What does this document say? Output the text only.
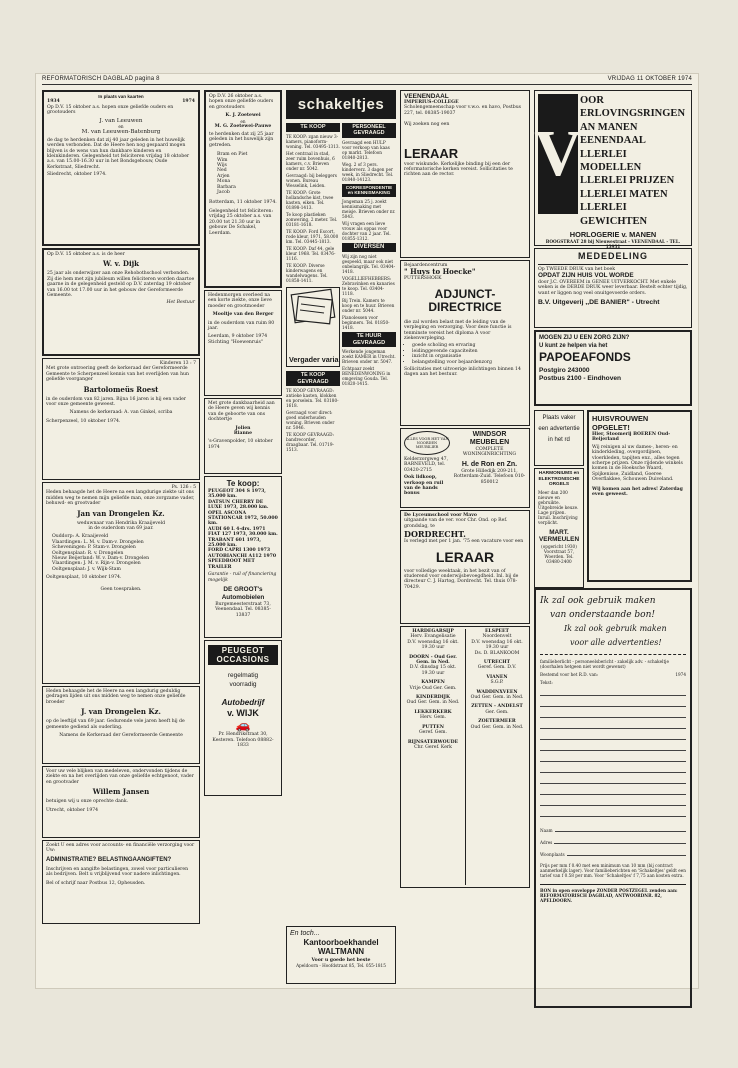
REFORMATORISCH DAGBLAD pagina 8	VRIJDAG 11 OKTOBER 1974
In plaats van kaarten
1934	1974
Op D.V. 15 oktober a.s. hopen onze geliefde ouders en grootouders
J. van Leeuwen
en
M. van Leeuwen-Batenburg
de dag te herdenken dat zij 40 jaar geleden in het huwelijk werden verbonden. Dat de Heere hen nog gespaard mogen blijven is de wens van hun dankbare kinderen en kleinkinderen. Gelegenheid tot feliciteren vrijdag 18 oktober a.s. van 15.00-16.30 uur in het Bondsgebouw, Oude Kerkstraat, Sliedrecht.
Sliedrecht, oktober 1974.
Op D.V. 15 oktober a.s. is de heer
W. v. Dijk
25 jaar als onderwijzer aan onze Rehobothschool verbonden. Zij die hem met zijn jubileum willen feliciteren worden daartoe gaarne in de gelegenheid gesteld op D.V. zaterdag 19 oktober van 16.00 tot 17.00 uur in het gebouw der Gereformeerde Gemeente.
Het Bestuur
Kinderen 13 : 7
Met grote ontroering geeft de kerkeraad der Gereformeerde Gemeente te Scherpenzeel kennis van het overlijden van hun geliefde voorganger
Bartolomeüs Roest
in de ouderdom van 82 jaren. Bijna 16 jaren is hij een vader voor onze gemeente geweest.
Namens de kerkeraad: A. van Ginkel, scriba
Scherpenzeel, 10 oktober 1974.
Ps. 126 : 5
Heden behaagde het de Heere na een langdurige ziekte uit ons midden weg te nemen mijn geliefde man, onze zorgzame vader, behuwd- en grootvader
Jan van Drongelen Kz.
weduwnaar van Hendrika Kraaijeveld
in de ouderdom van 69 jaar.
Ouddorp: A. Kraaijeveld
Vlaardingen: L. M. v. Dam-v. Drongelen
Scheveningen: P. Stam-v. Drongelen
Ooltgensplaat: R. v. Drongelen
Nieuw Beijerland: W. v. Dam-v. Drongelen
Vlaardingen: J. M. v. Rijn-v. Drongelen
Ooltgensplaat: J. v. Wijk-Stam
Ooltgensplaat, 10 oktober 1974.
Geen toespraken.
Heden behaagde het de Heere na een langdurig geduldig gedragen lijden uit ons midden weg te nemen onze geliefde broeder
J. van Drongelen Kz.
op de leeftijd van 69 jaar. Gedurende vele jaren heeft hij de gemeente gediend als ouderling.
Namens de Kerkeraad der Gereformeerde Gemeente
Voor uw vele blijken van medeleven, ondervonden tijdens de ziekte en na het overlijden van onze geliefde echtgenoot, vader en grootvader
Willem Jansen
betuigen wij u onze oprechte dank.
Utrecht, oktober 1974
Zoekt U een adres voor accounts- en financiële verzorging voor Uw:
ADMINISTRATIE? BELASTINGAANGIFTEN?
Inschrijven en aangifte belastingen, zowel voor particulieren als bedrijven. Belt u vrijblijvend voor nadere inlichtingen.
Bel of schrijf naar Postbus 12, Opheusden.
Op D.V. 26 oktober a.s. hopen onze geliefde ouders en grootouders
K. J. Zoetewei
en
M. G. Zoetewei-Pauwe
te herdenken dat zij 25 jaar geleden in het huwelijk zijn getreden.
Bram en Piet
Wim
Wijs
Ned
Arjen
Mona
Barbara
Jacob
Rotterdam, 11 oktober 1974.
Gelegenheid tot feliciteren: vrijdag 25 oktober a.s. van 20.00 tot 21.30 uur in gebouw De Schakel, Leerdam.
Hedenmorgen overleed na een korte ziekte, onze lieve moeder en grootmoeder
Mooltje van den Berger
in de ouderdom van ruim 80 jaar.
Leerdam, 9 oktober 1974
Stichting "Hoewenruis"
Met grote dankbaarheid aan de Heere geven wij kennis van de geboorte van ons dochtertje
Jolien
Rianne
's-Gravenpolder, 10 oktober 1974
Te koop:
PEUGEOT 304 S 1973, 35.000 km.
DATSUN CHERRY DE LUXE 1973, 28.000 km.
OPEL ASCONA STATIONCAR 1972, 50.000 km.
AUDI 60 L 4-drs. 1971
FIAT 127 1973, 30.000 km.
TRABANT 601 1973, 25.000 km.
FORD CAPRI 1300 1973
AUTOBIANCHI A112 1970
SPEEDBOOT MET TRAILER
Garantie - ruil of financiering mogelijk
DE GROOT's Automobielen
Burgemeesterstraat 73, Veenendaal. Tel. 08385-13837
PEUGEOT OCCASIONS
regelmatig
voorradig
Autobedrijf
v. WIJK
🚗
Pr. Hendrikstraat 30, Kesteren. Telefoon 08882-1833
schakeltjes
TE KOOP

TE KOOP: zgan nieuw 3-kamers, pianoform-woning. Tel. 03495-1313.

Het centraal in stad, zeer ruim bovenhuis, 6 kamers, c.v. Brieven onder nr. 5042.

Gevraagd: bij beleggers wonen. Bureau Wesselink, Leiden.

TE KOOP: Grote hollandsche kist, twee kasten, eiken. Tel. 01898-1413.

Te koop plastieken zonwering, 2 meter. Tel. 03181-1618.

TE KOOP: Ford Escort, rode kleur, 1971, 58.000 km. Tel. 03445-1813.

TE KOOP: Daf 44, gele kleur 1968. Tel. 03476-1116.

TE KOOP: Diverse kinderwagens en wandelwagens. Tel. 01858-1411.

Vergader varia
TE KOOP GEVRAAGD

TE KOOP GEVRAAGD: antieke kasten, klokken en porselein. Tel. 03180-1618.

Gevraagd voor direct: goed onderhouden woning. Brieven onder nr. 5046.

TE KOOP GEVRAAGD: bandrecorder, draagbaar. Tel. 01719-1513.

PERSONEEL GEVRAAGD

Gevraagd een HULP voor verkoop van kaas op markt. Telefoon 01840-2813.

Weg. 2 of 3 pers. kinderverz. 3 dagen per week, in Sliedrecht. Tel. 01840-14123.

CORRESPONDENTIE en KENNISMAKING

Jongeman 25 j. zoekt kennismaking met meisje. Brieven onder nr. 5043.

Wij vragen een lieve vrouw als oppas voor dochter van 2 jaar. Tel. 01855-1312.

DIVERSEN

Wij zijn nog niet gespeeld, maar ook niet onbelangrijk. Tel. 03404-1418.

VOGELLIEFHEBBERS: Zebravinken en kanaries te koop. Tel. 03404-1118.

Bij Trein. Kamers te koop en te huur. Brieven onder nr. 5044.

Pianolessen voor beginners. Tel. 01850-1418.

TE HUUR GEVRAAGD

Werkende jongeman zoekt KAMER in Utrecht. Brieven onder nr. 5047.

Echtpaar zoekt BENEDENWONING in omgeving Gouda. Tel. 01820-1415.

En toch...
Kantoorboekhandel WALTMANN
Voor u goede het beste
Apeldoorn - Hoofdstraat 85, Tel. 055-1815
VEENENDAAL
IMPERIUS-COLLEGE
Scholengemeenschap voor v.w.o. en havo, Postbus 227, tel. 08385-19037
Wij zoeken nog een
LERAAR
voor wiskunde. Kerkelijke binding bij een der reformatorische kerken vereist. Sollicitaties te richten aan de rector.
Bejaardencentrum
" Huys to Hoecke"
PUTTERSHOEK
ADJUNCT-DIRECTRICE
die zal worden belast met de leiding van de verpleging en verzorging. Voor deze functie is tenminste vereist het diploma A voor ziekenverpleging.
• goede scholing en ervaring
• leidinggevende capaciteiten
• inzicht in organisatie
• belangstelling voor bejaardenzorg
Sollicitaties met uitvoerige inlichtingen binnen 14 dagen aan het bestuur.
ALLES VOOR HET VAN NOORDEN MEUBILIER
Kelderzorgweg 47, BARNEVELD, tel. 03420-2715
Ook lidkoop, verkoop en ruil van de hands bonus
WINDSOR MEUBELEN
COMPLETE WONINGINRICHTING
H. de Ron en Zn.
Grote Hilledijk 209-211, Rotterdam-Zuid. Telefoon 010-850012
De Lyceumschool voor Mavo
uitgaande van de ver. voor Chr. Ond. op Ref. grondslag, te
DORDRECHT.
Is verlegd met per 1 jan. '75 een vacature voor een
LERAAR
voor volledige weektaak, in het bezit van of studerend voor onderwijsbevoegdheid. Inl. bij de directeur C. J. Hartog, Dordrecht. Tel. thuis 078-70429.
HARDEGARSIJP
Herv. Evangelisatie
D.V. woensdag 16 okt. 19.30 uur
DOORN - Oud Ger. Gem. in Ned.
D.V. dinsdag 15 okt. 19.30 uur
KAMPEN
Vrije Oud Ger. Gem.
KINDERDIJK
Oud Ger. Gem. in Ned.
LEKKERKERK
Herv. Gem.
PUTTEN
Geref. Gem.
RIJNSATERWOUDE
Chr. Geref. Kerk
ELSPEET
Noordenvelt
D.V. woensdag 16 okt. 19.30 uur
Ds. D. BLANKOOM
UTRECHT
Geref. Gem. D.V.
VIANEN
S.G.P.
WADDINXVEEN
Oud Ger. Gem. in Ned.
ZETTEN - ANDELST
Ger. Gem.
ZOETERMEER
Oud Ger. Gem. in Ned.
V
OOR
ERLOVINGSRINGEN
AN MANEN
EENENDAAL
LLERLEI MODELLEN
LLERLEI PRIJZEN
LLERLEI MATEN
LLERLEI GEWICHTEN
HORLOGERIE v. MANEN
BOOGSTRAAT 28 bij Nieuwestraat - VEENENDAAL - TEL. 13931
MEDEDELING
Op TWEEDE DRUK van het boek
OPDAT ZIJN HUIS VOL WORDE
door J.C. OVEREEM in GENEE UITVERKOCHT. Met enkele weken is de DERDE DRUK weer leverbaar. Bestelt echter tijdig, want er liggen nog veel onuitgevoerde orders.
B.V. Uitgeverij ,,DE BANIER" - Utrecht
MOGEN ZIJ U EEN ZORG ZIJN?
U kunt ze helpen via het
PAPOEAFONDS
Postgiro 243000
Postbus 2100 - Eindhoven
Plaats vaker
een advertentie
in het rd
HARMONIUMS en ELEKTRONISCHE ORGELS
Meer dan 200 nieuwe en gebruikte. Uitgebreide keuze. Lage prijzen. Inruil. Inschrijving verplicht.
MART. VERMEULEN
(opgericht 1930)
Voorstraat 57, Woerden. Tel. 03480-2400
HUISVROUWEN OPGELET!
Hier, Stoomerij BOEREN Oud-Beijerland
Wij reinigen al uw dames-, heren- en kinderkleding, overgordijnen, vloerkleden, tapijten enz., alles tegen scherpe prijzen. Onze rijdende winkels komen in de Hoeksche Waard, Spijkenisse, Zuidland, Goeree Overflakkee, Schouwen Duiveland.
Wij komen aan het adres! Zaterdag even geweest.
Ik zal ook gebruik maken
van onderstaande bon!
Ik zal ook gebruik maken
voor alle advertenties!
familieberlicht - personeelsbericht - zakelijk adv. - schakeltje (doorhalen hetgeen niet wordt gewenst)
Bestemd voor het R.D. van:	1974
Tekst:
Naam
Adres
Woonplaats
Prijs per mm f 0.40 met een minimum van 10 mm (bij contract aanmerkelijk lager). Voor familieberichten en 'Schakeltjes' geldt een tarief van f 0.58 per mm. Voor 'Schakeltjes' f 7,75 aan kosten extra.
BON in open enveloppe ZONDER POSTZEGEL zenden aan: REFORMATORISCH DAGBLAD, ANTWOORDNR. 82, APELDOORN.
